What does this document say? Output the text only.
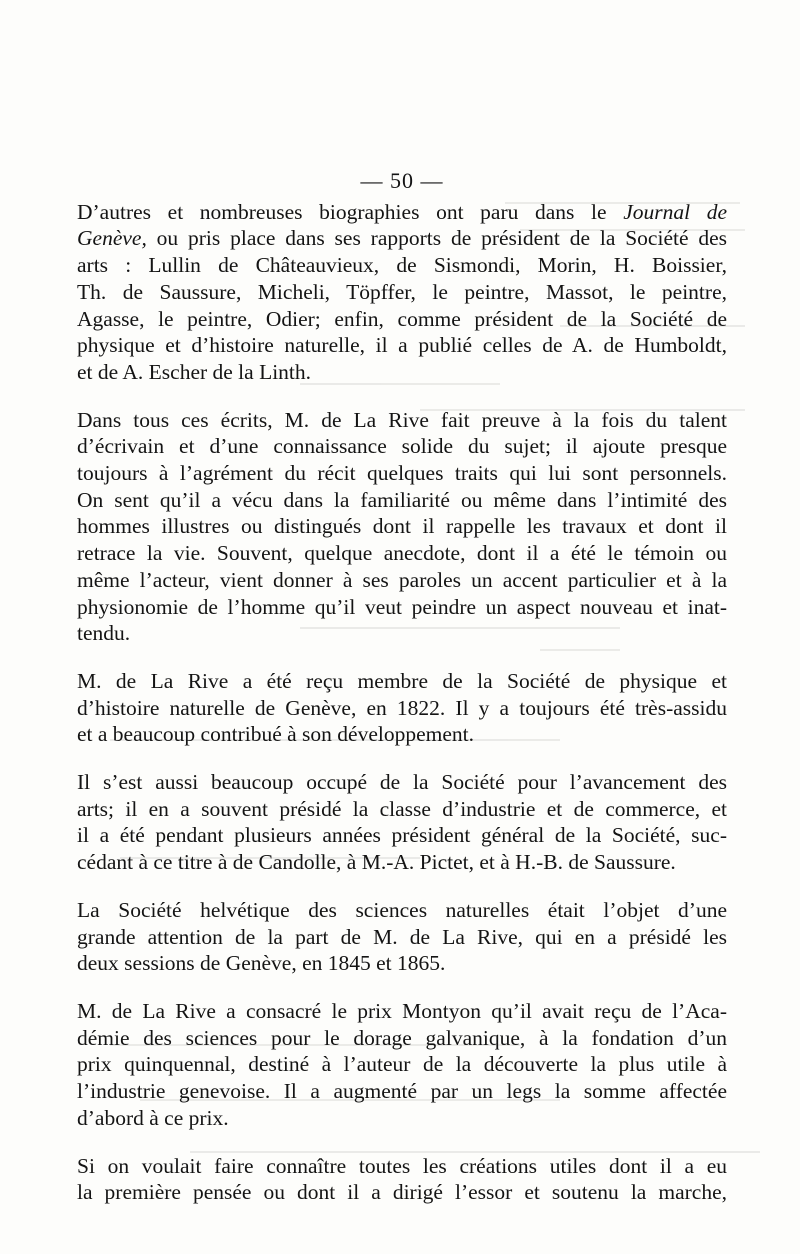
— 50 —
D’autres et nombreuses biographies ont paru dans le Journal de
Genève, ou pris place dans ses rapports de président de la Société des
arts : Lullin de Châteauvieux, de Sismondi, Morin, H. Boissier,
Th. de Saussure, Micheli, Töpffer, le peintre, Massot, le peintre,
Agasse, le peintre, Odier; enfin, comme président de la Société de
physique et d’histoire naturelle, il a publié celles de A. de Humboldt,
et de A. Escher de la Linth.
Dans tous ces écrits, M. de La Rive fait preuve à la fois du talent
d’écrivain et d’une connaissance solide du sujet; il ajoute presque
toujours à l’agrément du récit quelques traits qui lui sont personnels.
On sent qu’il a vécu dans la familiarité ou même dans l’intimité des
hommes illustres ou distingués dont il rappelle les travaux et dont il
retrace la vie. Souvent, quelque anecdote, dont il a été le témoin ou
même l’acteur, vient donner à ses paroles un accent particulier et à la
physionomie de l’homme qu’il veut peindre un aspect nouveau et inat-
tendu.
M. de La Rive a été reçu membre de la Société de physique et
d’histoire naturelle de Genève, en 1822. Il y a toujours été très-assidu
et a beaucoup contribué à son développement.
Il s’est aussi beaucoup occupé de la Société pour l’avancement des
arts; il en a souvent présidé la classe d’industrie et de commerce, et
il a été pendant plusieurs années président général de la Société, suc-
cédant à ce titre à de Candolle, à M.-A. Pictet, et à H.-B. de Saussure.
La Société helvétique des sciences naturelles était l’objet d’une
grande attention de la part de M. de La Rive, qui en a présidé les
deux sessions de Genève, en 1845 et 1865.
M. de La Rive a consacré le prix Montyon qu’il avait reçu de l’Aca-
démie des sciences pour le dorage galvanique, à la fondation d’un
prix quinquennal, destiné à l’auteur de la découverte la plus utile à
l’industrie genevoise. Il a augmenté par un legs la somme affectée
d’abord à ce prix.
Si on voulait faire connaître toutes les créations utiles dont il a eu
la première pensée ou dont il a dirigé l’essor et soutenu la marche,
